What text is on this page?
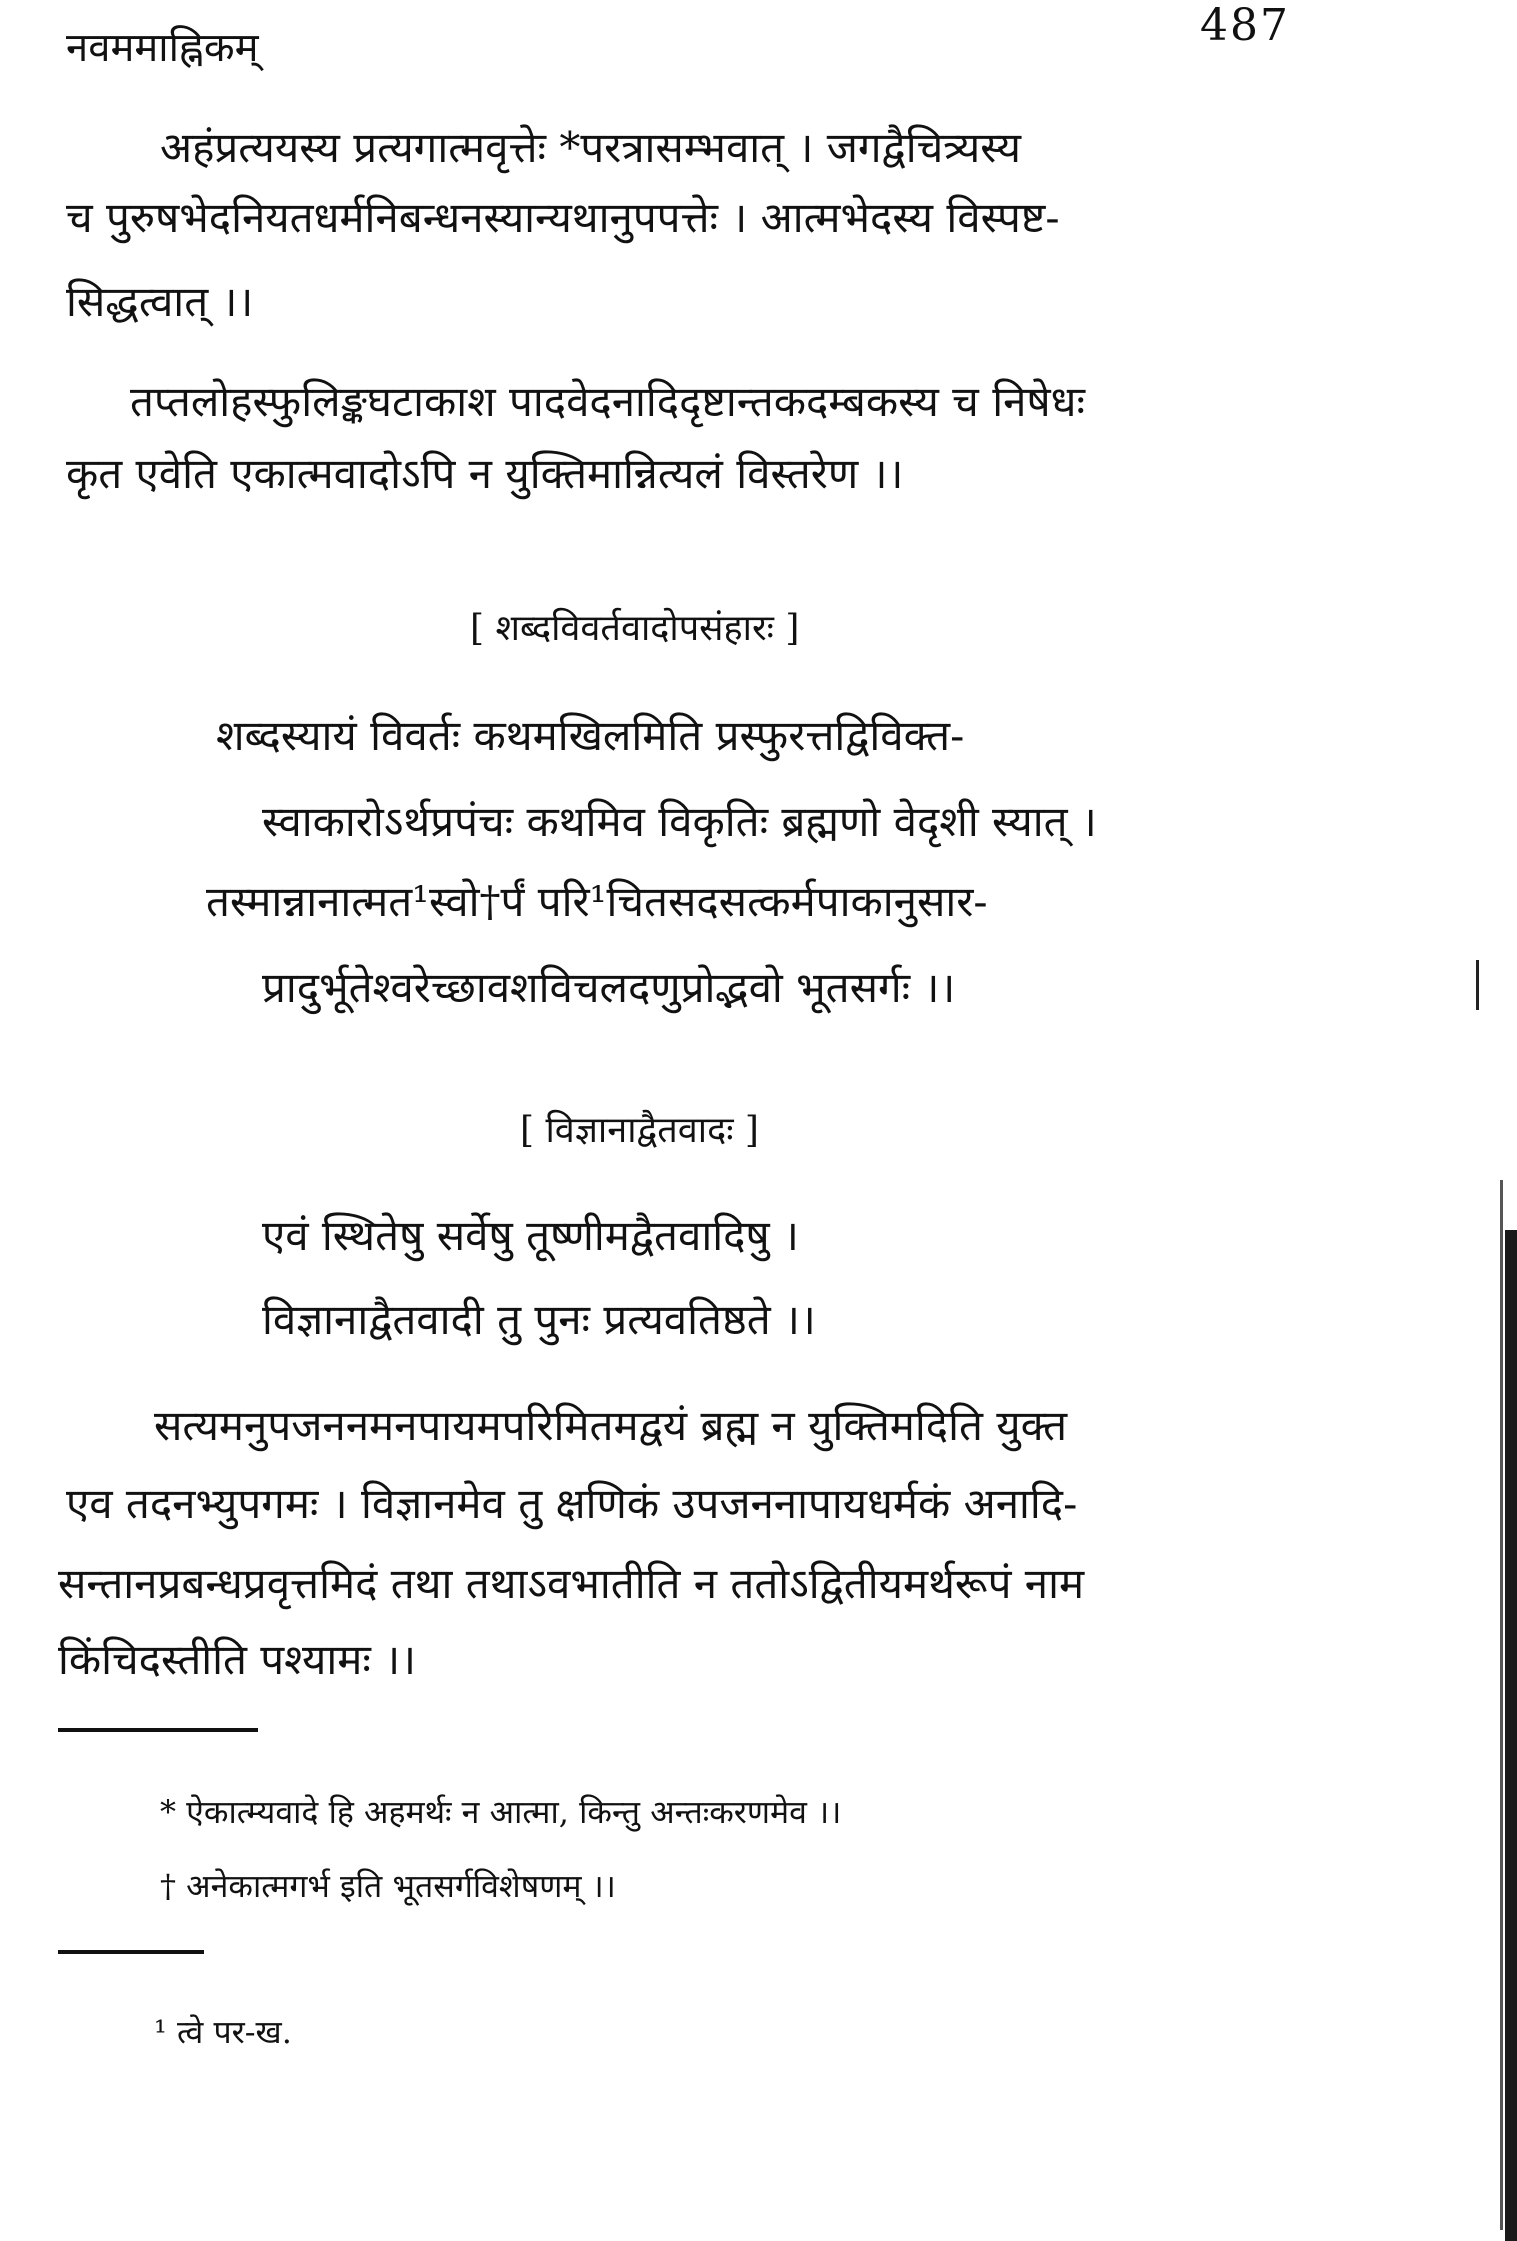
नवममाह्निकम्	487
अहंप्रत्ययस्य प्रत्यगात्मवृत्तेः *परत्रासम्भवात् । जगद्वैचित्र्यस्य
च पुरुषभेदनियतधर्मनिबन्धनस्यान्यथानुपपत्तेः । आत्मभेदस्य विस्पष्ट-
सिद्धत्वात् ।।
तप्तलोहस्फुलिङ्कघटाकाश पादवेदनादिदृष्टान्तकदम्बकस्य च निषेधः
कृत एवेति एकात्मवादोऽपि न युक्तिमान्नित्यलं विस्तरेण ।।
[ शब्दविवर्तवादोपसंहारः ]
शब्दस्यायं विवर्तः कथमखिलमिति प्रस्फुरत्तद्विविक्त-
स्वाकारोऽर्थप्रपंचः कथमिव विकृतिः ब्रह्मणो वेदृशी स्यात् ।
तस्मान्नानात्मत¹स्वो†र्पं परि¹चितसदसत्कर्मपाकानुसार-
प्रादुर्भूतेश्वरेच्छावशविचलदणुप्रोद्भवो भूतसर्गः ।।
[ विज्ञानाद्वैतवादः ]
एवं स्थितेषु सर्वेषु तूष्णीमद्वैतवादिषु ।
विज्ञानाद्वैतवादी तु पुनः प्रत्यवतिष्ठते ।।
सत्यमनुपजननमनपायमपरिमितमद्वयं ब्रह्म न युक्तिमदिति युक्त
एव तदनभ्युपगमः । विज्ञानमेव तु क्षणिकं उपजननापायधर्मकं अनादि-
सन्तानप्रबन्धप्रवृत्तमिदं तथा तथाऽवभातीति न ततोऽद्वितीयमर्थरूपं नाम
किंचिदस्तीति पश्यामः ।।
* ऐकात्म्यवादे हि अहमर्थः न आत्मा, किन्तु अन्तःकरणमेव ।।
† अनेकात्मगर्भ इति भूतसर्गविशेषणम् ।।
¹ त्वे पर-ख.
